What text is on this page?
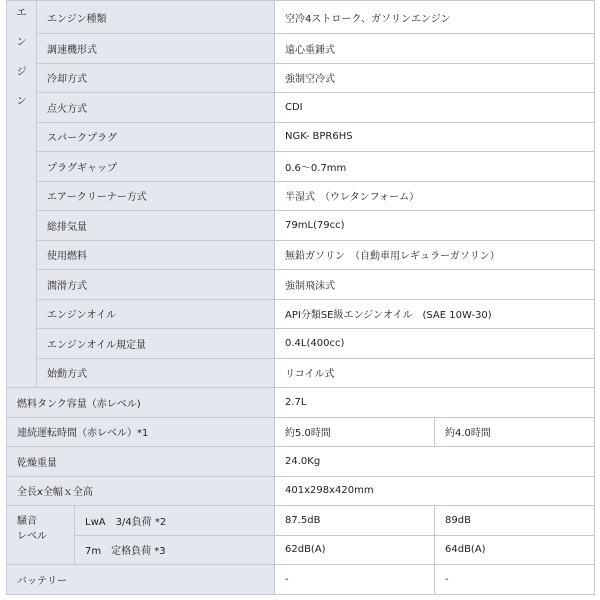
エ
ン
ジ
ン	エンジン種類		空冷4ストローク、ガソリンエンジン	
	調速機形式		遠心重錘式	
	冷却方式		強制空冷式	
	点火方式		CDI	
	スパークプラグ		NGK- BPR6HS	
	プラグギャップ		0.6～0.7mm	
	エアークリーナー方式		半湿式　（ウレタンフォーム）	
	総排気量		79mL(79cc)	
	使用燃料		無鉛ガソリン　（自動車用レギュラーガソリン）	
	潤滑方式		強制飛沫式	
	エンジンオイル		API分類SE級エンジンオイル　(SAE 10W-30)	
	エンジンオイル規定量		0.4L(400cc)	
	始動方式		リコイル式	
燃料タンク容量（赤レベル)			2.7L	
連続運転時間（赤レベル）*1			約5.0時間	約4.0時間
乾燥重量			24.0Kg	
全長x全幅ｘ全高			401x298x420mm	
騒音
レベル		LwA　3/4負荷 *2	87.5dB	89dB
		7m　定格負荷 *3	62dB(A)	64dB(A)
バッテリー			-	-
